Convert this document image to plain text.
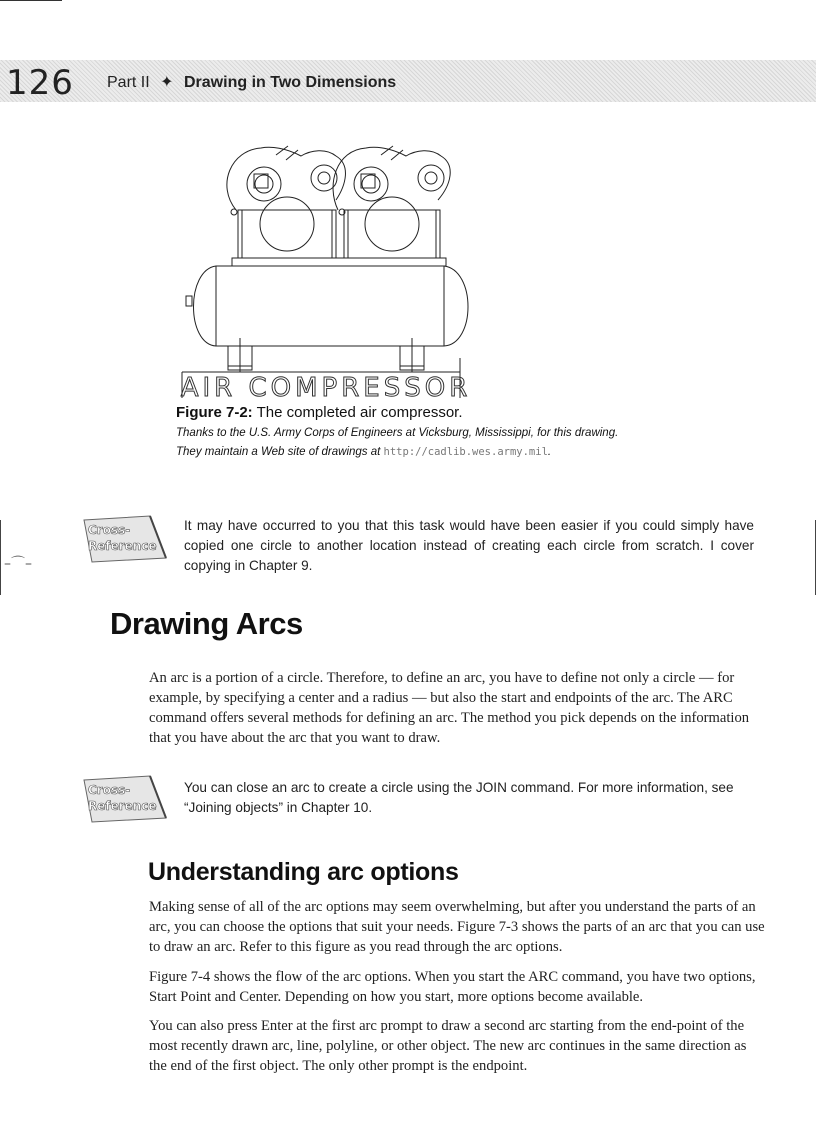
126 Part II ✦ Drawing in Two Dimensions
AIR COMPRESSOR
Figure 7-2: The completed air compressor.
Thanks to the U.S. Army Corps of Engineers at Vicksburg, Mississippi, for this drawing. They maintain a Web site of drawings at http://cadlib.wes.army.mil.
Cross-
Reference
It may have occurred to you that this task would have been easier if you could simply have copied one circle to another location instead of creating each circle from scratch. I cover copying in Chapter 9.
–⌒–
Drawing Arcs
An arc is a portion of a circle. Therefore, to define an arc, you have to define not only a circle — for example, by specifying a center and a radius — but also the start and endpoints of the arc. The ARC command offers several methods for defining an arc. The method you pick depends on the information that you have about the arc that you want to draw.
Cross-
Reference
You can close an arc to create a circle using the JOIN command. For more information, see “Joining objects” in Chapter 10.
Understanding arc options
Making sense of all of the arc options may seem overwhelming, but after you understand the parts of an arc, you can choose the options that suit your needs. Figure 7-3 shows the parts of an arc that you can use to draw an arc. Refer to this figure as you read through the arc options.
Figure 7-4 shows the flow of the arc options. When you start the ARC command, you have two options, Start Point and Center. Depending on how you start, more options become available.
You can also press Enter at the first arc prompt to draw a second arc starting from the end-point of the most recently drawn arc, line, polyline, or other object. The new arc continues in the same direction as the end of the first object. The only other prompt is the endpoint.
